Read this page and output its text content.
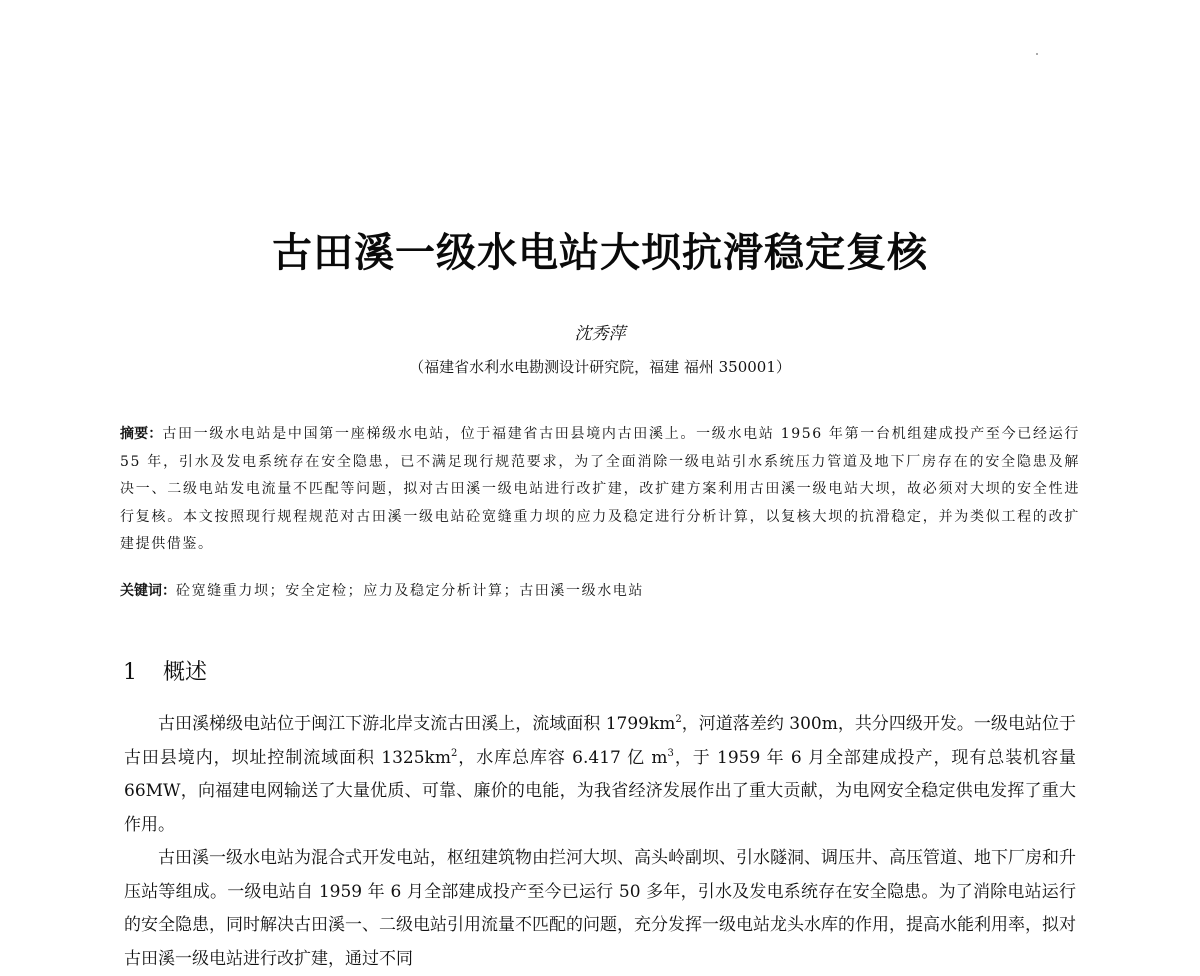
古田溪一级水电站大坝抗滑稳定复核
沈秀萍
（福建省水利水电勘测设计研究院，福建 福州 350001）
摘要：古田一级水电站是中国第一座梯级水电站，位于福建省古田县境内古田溪上。一级水电站 1956 年第一台机组建成投产至今已经运行 55 年，引水及发电系统存在安全隐患，已不满足现行规范要求，为了全面消除一级电站引水系统压力管道及地下厂房存在的安全隐患及解决一、二级电站发电流量不匹配等问题，拟对古田溪一级电站进行改扩建，改扩建方案利用古田溪一级电站大坝，故必须对大坝的安全性进行复核。本文按照现行规程规范对古田溪一级电站砼宽缝重力坝的应力及稳定进行分析计算，以复核大坝的抗滑稳定，并为类似工程的改扩建提供借鉴。
关键词：砼宽缝重力坝；安全定检；应力及稳定分析计算；古田溪一级水电站
1 概述

古田溪梯级电站位于闽江下游北岸支流古田溪上，流域面积 $1799km^2$，河道落差约 300m，共分四级开发。一级电站位于古田县境内，坝址控制流域面积 $1325km^2$，水库总库容 6.417 亿 $m^3$，于 1959 年 6 月全部建成投产，现有总装机容量 66MW，向福建电网输送了大量优质、可靠、廉价的电能，为我省经济发展作出了重大贡献，为电网安全稳定供电发挥了重大作用。

古田溪一级水电站为混合式开发电站，枢纽建筑物由拦河大坝、高头岭副坝、引水隧洞、调压井、高压管道、地下厂房和升压站等组成。一级电站自 1959 年 6 月全部建成投产至今已运行 50 多年，引水及发电系统存在安全隐患。为了消除电站运行的安全隐患，同时解决古田溪一、二级电站引用流量不匹配的问题，充分发挥一级电站龙头水库的作用，提高水能利用率，拟对古田溪一级电站进行改扩建，通过不同
